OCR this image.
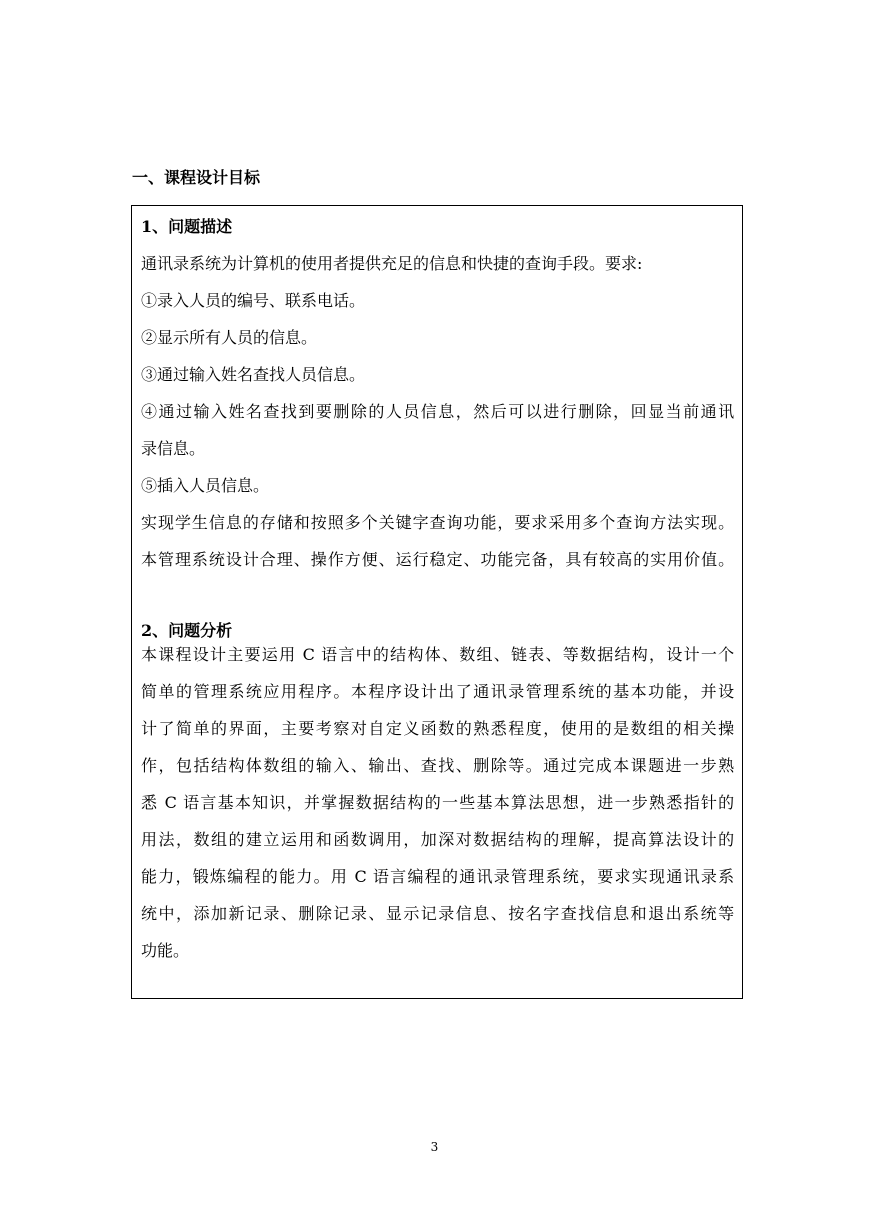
一、课程设计目标
1、问题描述
通讯录系统为计算机的使用者提供充足的信息和快捷的查询手段。要求:
①录入人员的编号、联系电话。
②显示所有人员的信息。
③通过输入姓名查找人员信息。
④通过输入姓名查找到要删除的人员信息，然后可以进行删除，回显当前通讯
录信息。
⑤插入人员信息。
实现学生信息的存储和按照多个关键字查询功能，要求采用多个查询方法实现。
本管理系统设计合理、操作方便、运行稳定、功能完备，具有较高的实用价值。
2、问题分析
本课程设计主要运用 C 语言中的结构体、数组、链表、等数据结构，设计一个
简单的管理系统应用程序。本程序设计出了通讯录管理系统的基本功能，并设
计了简单的界面，主要考察对自定义函数的熟悉程度，使用的是数组的相关操
作，包括结构体数组的输入、输出、查找、删除等。通过完成本课题进一步熟
悉 C 语言基本知识，并掌握数据结构的一些基本算法思想，进一步熟悉指针的
用法，数组的建立运用和函数调用，加深对数据结构的理解，提高算法设计的
能力，锻炼编程的能力。用 C 语言编程的通讯录管理系统，要求实现通讯录系
统中，添加新记录、删除记录、显示记录信息、按名字查找信息和退出系统等
功能。
3
